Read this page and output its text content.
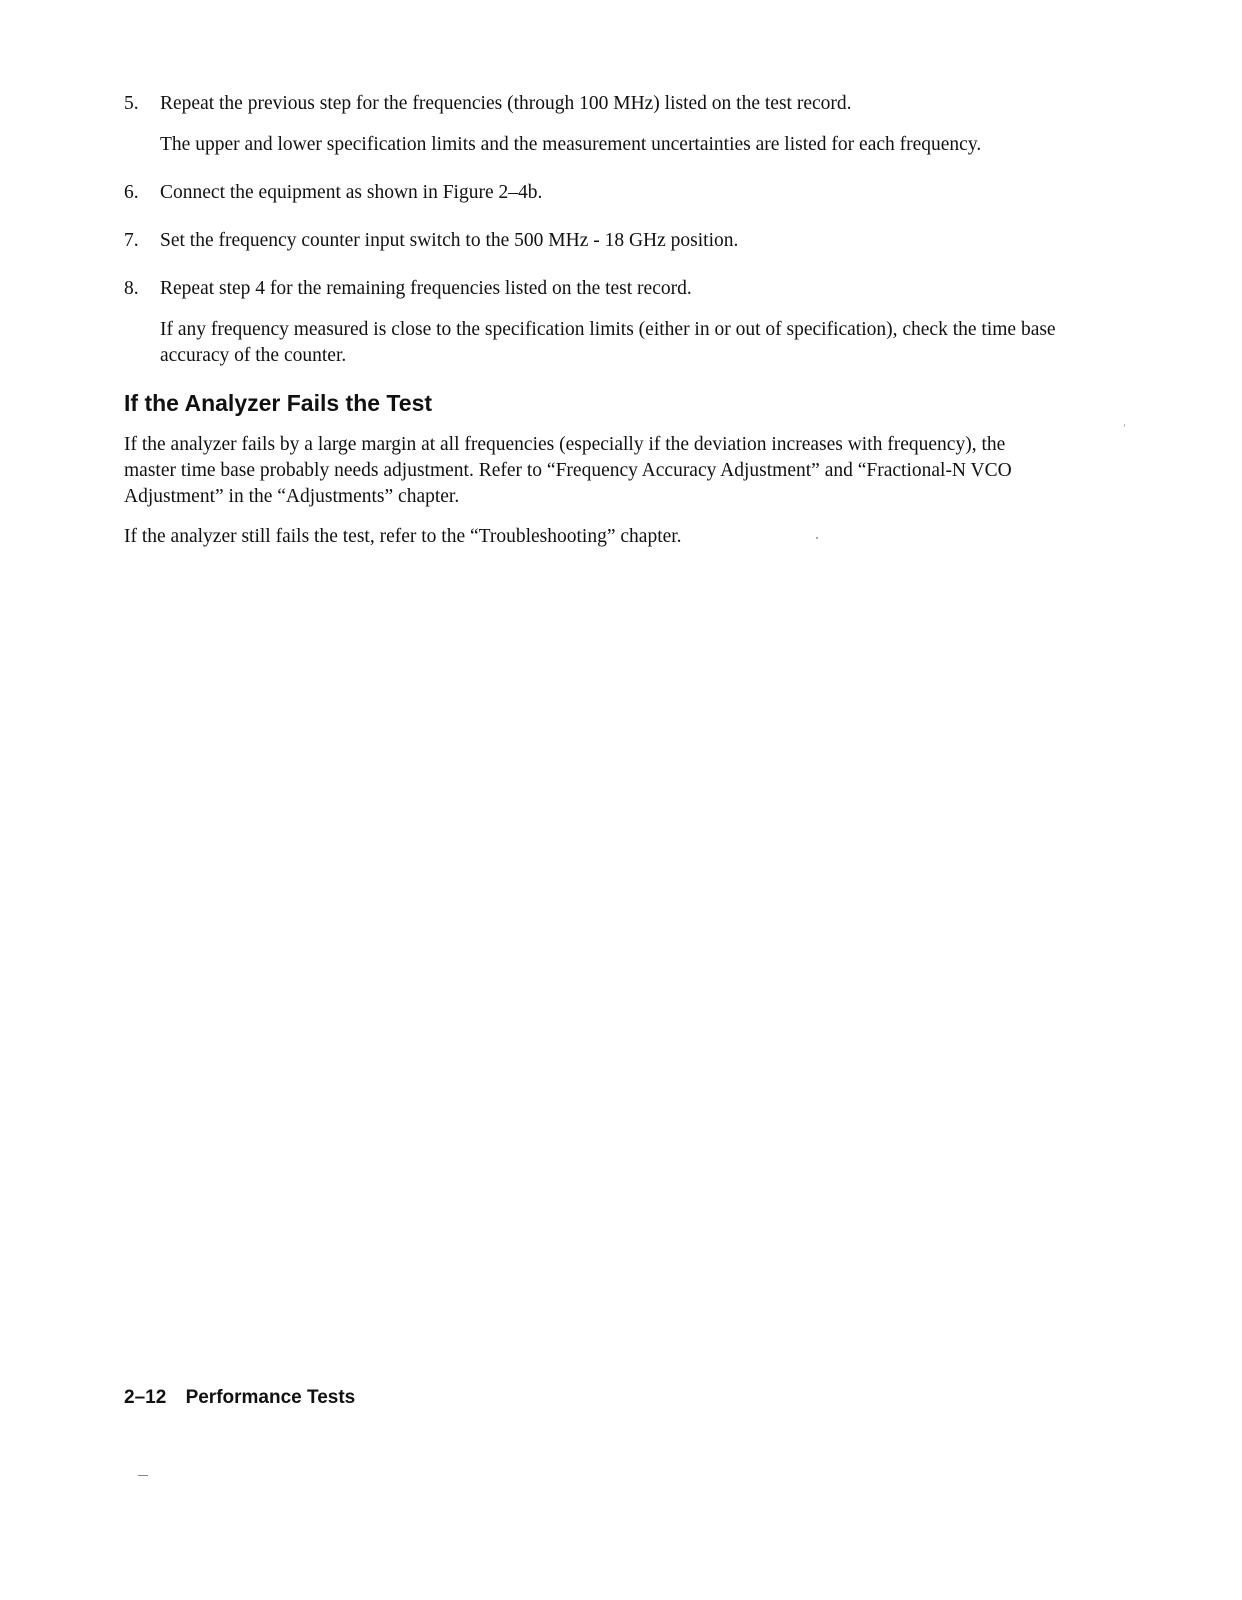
5.	Repeat the previous step for the frequencies (through 100 MHz) listed on the test record.
The upper and lower specification limits and the measurement uncertainties are listed for each frequency.
6.	Connect the equipment as shown in Figure 2–4b.
7.	Set the frequency counter input switch to the 500 MHz - 18 GHz position.
8.	Repeat step 4 for the remaining frequencies listed on the test record.
If any frequency measured is close to the specification limits (either in or out of specification), check the time base accuracy of the counter.
If the Analyzer Fails the Test

If the analyzer fails by a large margin at all frequencies (especially if the deviation increases with frequency), the master time base probably needs adjustment. Refer to “Frequency Accuracy Adjustment” and “Fractional-N VCO Adjustment” in the “Adjustments” chapter.

If the analyzer still fails the test, refer to the “Troubleshooting” chapter.

2–12 Performance Tests
